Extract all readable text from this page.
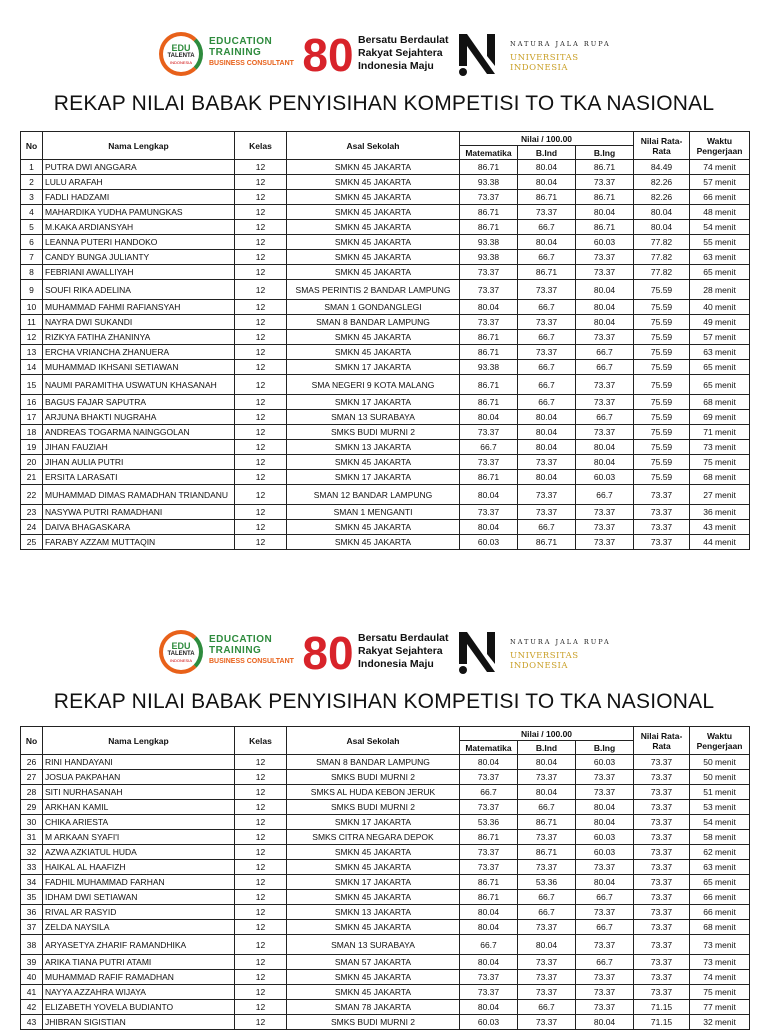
EDU
TALENTA
INDONESIA
EDUCATION
TRAINING
BUSINESS CONSULTANT 80 Bersatu Berdaulat
Rakyat Sejahtera
Indonesia Maju
NATURA JALA RUPA
UNIVERSITAS INDONESIA
REKAP NILAI BABAK PENYISIHAN KOMPETISI TO TKA NASIONAL
No	Nama Lengkap	Kelas	Asal Sekolah	Nilai / 100.00			Nilai Rata-
Rata	Waktu
Pengerjaan
				Matematika	B.Ind	B.Ing		
1	PUTRA DWI ANGGARA	12	SMKN 45 JAKARTA	86.71	80.04	86.71	84.49	74 menit
2	LULU ARAFAH	12	SMKN 45 JAKARTA	93.38	80.04	73.37	82.26	57 menit
3	FADLI HADZAMI	12	SMKN 45 JAKARTA	73.37	86.71	86.71	82.26	66 menit
4	MAHARDIKA YUDHA PAMUNGKAS	12	SMKN 45 JAKARTA	86.71	73.37	80.04	80.04	48 menit
5	M.KAKA ARDIANSYAH	12	SMKN 45 JAKARTA	86.71	66.7	86.71	80.04	54 menit
6	LEANNA PUTERI HANDOKO	12	SMKN 45 JAKARTA	93.38	80.04	60.03	77.82	55 menit
7	CANDY BUNGA JULIANTY	12	SMKN 45 JAKARTA	93.38	66.7	73.37	77.82	63 menit
8	FEBRIANI AWALLIYAH	12	SMKN 45 JAKARTA	73.37	86.71	73.37	77.82	65 menit
9	SOUFI RIKA ADELINA	12	SMAS PERINTIS 2 BANDAR LAMPUNG	73.37	73.37	80.04	75.59	28 menit
10	MUHAMMAD FAHMI RAFIANSYAH	12	SMAN 1 GONDANGLEGI	80.04	66.7	80.04	75.59	40 menit
11	NAYRA DWI SUKANDI	12	SMAN 8 BANDAR LAMPUNG	73.37	73.37	80.04	75.59	49 menit
12	RIZKYA FATIHA ZHANINYA	12	SMKN 45 JAKARTA	86.71	66.7	73.37	75.59	57 menit
13	ERCHA VRIANCHA ZHANUERA	12	SMKN 45 JAKARTA	86.71	73.37	66.7	75.59	63 menit
14	MUHAMMAD IKHSANI SETIAWAN	12	SMKN 17 JAKARTA	93.38	66.7	66.7	75.59	65 menit
15	NAUMI PARAMITHA USWATUN KHASANAH	12	SMA NEGERI 9 KOTA MALANG	86.71	66.7	73.37	75.59	65 menit
16	BAGUS FAJAR SAPUTRA	12	SMKN 17 JAKARTA	86.71	66.7	73.37	75.59	68 menit
17	ARJUNA BHAKTI NUGRAHA	12	SMAN 13 SURABAYA	80.04	80.04	66.7	75.59	69 menit
18	ANDREAS TOGARMA NAINGGOLAN	12	SMKS BUDI MURNI 2	73.37	80.04	73.37	75.59	71 menit
19	JIHAN FAUZIAH	12	SMKN 13 JAKARTA	66.7	80.04	80.04	75.59	73 menit
20	JIHAN AULIA PUTRI	12	SMKN 45 JAKARTA	73.37	73.37	80.04	75.59	75 menit
21	ERSITA LARASATI	12	SMKN 17 JAKARTA	86.71	80.04	60.03	75.59	68 menit
22	MUHAMMAD DIMAS RAMADHAN TRIANDANU	12	SMAN 12 BANDAR LAMPUNG	80.04	73.37	66.7	73.37	27 menit
23	NASYWA PUTRI RAMADHANI	12	SMAN 1 MENGANTI	73.37	73.37	73.37	73.37	36 menit
24	DAIVA BHAGASKARA	12	SMKN 45 JAKARTA	80.04	66.7	73.37	73.37	43 menit
25	FARABY AZZAM MUTTAQIN	12	SMKN 45 JAKARTA	60.03	86.71	73.37	73.37	44 menit
EDU
TALENTA
INDONESIA
EDUCATION
TRAINING
BUSINESS CONSULTANT 80 Bersatu Berdaulat
Rakyat Sejahtera
Indonesia Maju
NATURA JALA RUPA
UNIVERSITAS INDONESIA
REKAP NILAI BABAK PENYISIHAN KOMPETISI TO TKA NASIONAL
No	Nama Lengkap	Kelas	Asal Sekolah	Nilai / 100.00			Nilai Rata-
Rata	Waktu
Pengerjaan
				Matematika	B.Ind	B.Ing		
26	RINI HANDAYANI	12	SMAN 8 BANDAR LAMPUNG	80.04	80.04	60.03	73.37	50 menit
27	JOSUA PAKPAHAN	12	SMKS BUDI MURNI 2	73.37	73.37	73.37	73.37	50 menit
28	SITI NURHASANAH	12	SMKS AL HUDA KEBON JERUK	66.7	80.04	73.37	73.37	51 menit
29	ARKHAN KAMIL	12	SMKS BUDI MURNI 2	73.37	66.7	80.04	73.37	53 menit
30	CHIKA ARIESTA	12	SMKN 17 JAKARTA	53.36	86.71	80.04	73.37	54 menit
31	M ARKAAN SYAFI'I	12	SMKS CITRA NEGARA DEPOK	86.71	73.37	60.03	73.37	58 menit
32	AZWA AZKIATUL HUDA	12	SMKN 45 JAKARTA	73.37	86.71	60.03	73.37	62 menit
33	HAIKAL AL HAAFIZH	12	SMKN 45 JAKARTA	73.37	73.37	73.37	73.37	63 menit
34	FADHIL MUHAMMAD FARHAN	12	SMKN 17 JAKARTA	86.71	53.36	80.04	73.37	65 menit
35	IDHAM DWI SETIAWAN	12	SMKN 45 JAKARTA	86.71	66.7	66.7	73.37	66 menit
36	RIVAL AR RASYID	12	SMKN 13 JAKARTA	80.04	66.7	73.37	73.37	66 menit
37	ZELDA NAYSILA	12	SMKN 45 JAKARTA	80.04	73.37	66.7	73.37	68 menit
38	ARYASETYA ZHARIF RAMANDHIKA	12	SMAN 13 SURABAYA	66.7	80.04	73.37	73.37	73 menit
39	ARIKA TIANA PUTRI ATAMI	12	SMAN 57 JAKARTA	80.04	73.37	66.7	73.37	73 menit
40	MUHAMMAD RAFIF RAMADHAN	12	SMKN 45 JAKARTA	73.37	73.37	73.37	73.37	74 menit
41	NAYYA AZZAHRA WIJAYA	12	SMKN 45 JAKARTA	73.37	73.37	73.37	73.37	75 menit
42	ELIZABETH YOVELA BUDIANTO	12	SMAN 78 JAKARTA	80.04	66.7	73.37	71.15	77 menit
43	JHIBRAN SIGISTIAN	12	SMKS BUDI MURNI 2	60.03	73.37	80.04	71.15	32 menit
